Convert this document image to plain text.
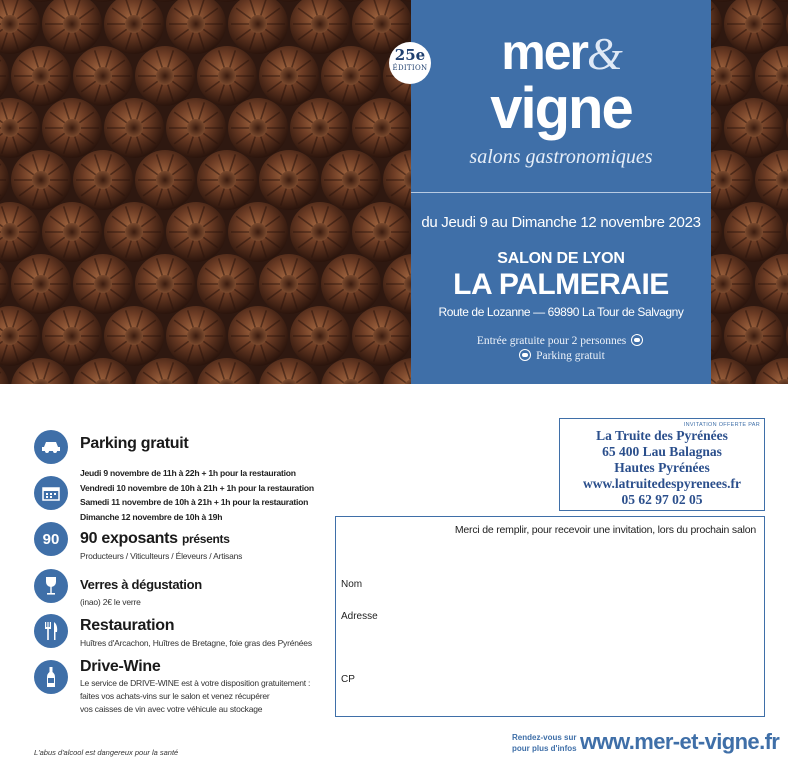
25e
ÉDITION	mer&
vigne
salons gastronomiques
du Jeudi 9 au Dimanche 12 novembre 2023
SALON DE LYON
LA PALMERAIE
Route de Lozanne — 69890 La Tour de Salvagny
Entrée gratuite pour 2 personnes
Parking gratuit
Parking gratuit
Jeudi 9 novembre de 11h à 22h + 1h pour la restauration
Vendredi 10 novembre de 10h à 21h + 1h pour la restauration
Samedi 11 novembre de 10h à 21h + 1h pour la restauration
Dimanche 12 novembre de 10h à 19h
90 90 exposants présents
Producteurs / Viticulteurs / Éleveurs / Artisans
Verres à dégustation
(inao) 2€ le verre
Restauration
Huîtres d'Arcachon, Huîtres de Bretagne, foie gras des Pyrénées
Drive-Wine
Le service de DRIVE-WINE est à votre disposition gratuitement :
faites vos achats-vins sur le salon et venez récupérer
vos caisses de vin avec votre véhicule au stockage
L'abus d'alcool est dangereux pour la santé
INVITATION OFFERTE PAR
La Truite des Pyrénées
65 400 Lau Balagnas
Hautes Pyrénées
www.latruitedespyrenees.fr
05 62 97 02 05
Merci de remplir, pour recevoir une invitation, lors du prochain salon
Nom
Adresse
CP
Rendez-vous sur
pour plus d'infos www.mer-et-vigne.fr
